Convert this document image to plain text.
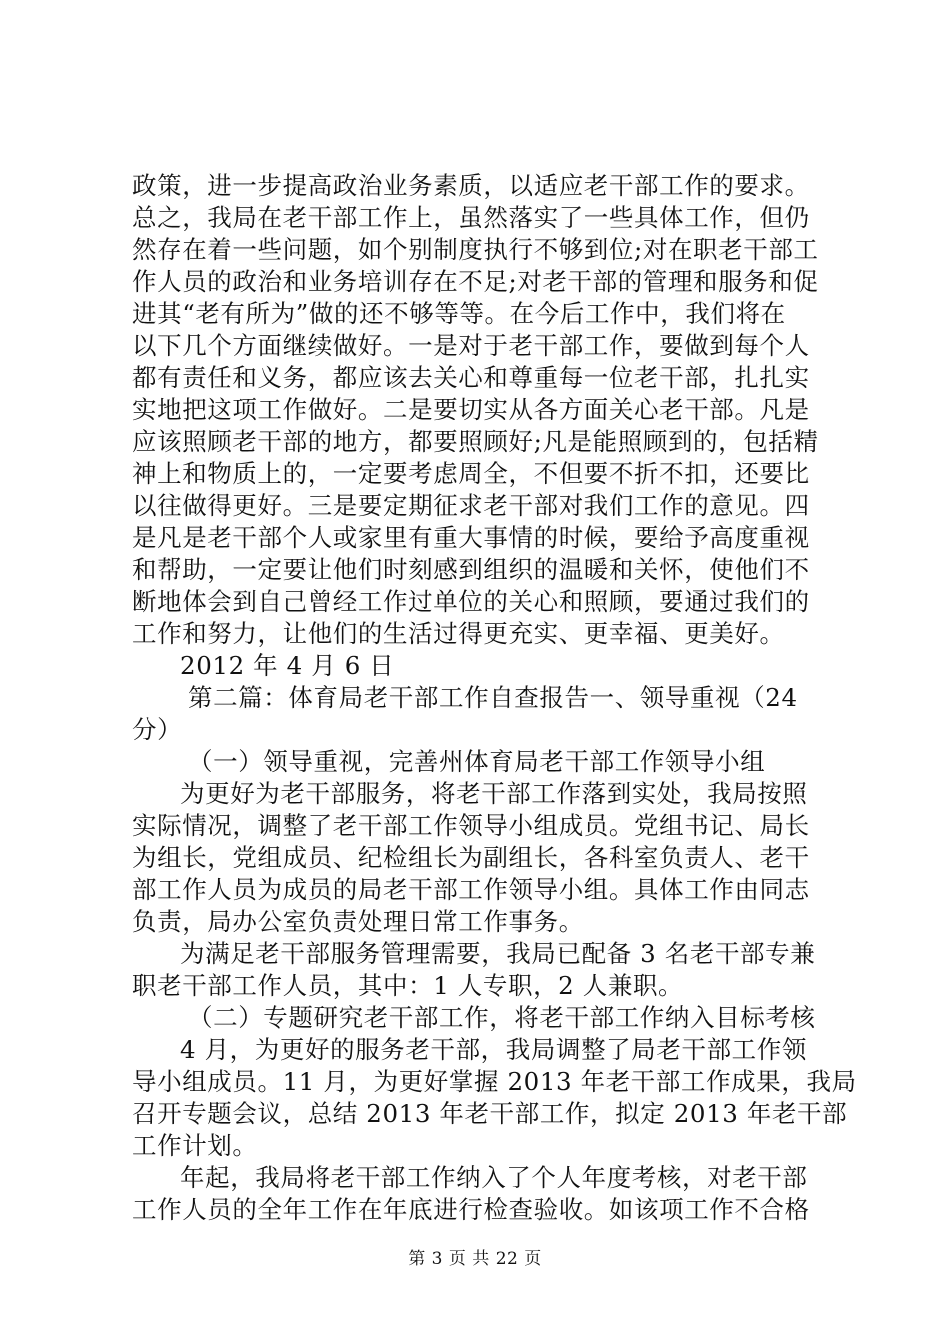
政策，进一步提高政治业务素质，以适应老干部工作的要求。
总之，我局在老干部工作上，虽然落实了一些具体工作，但仍
然存在着一些问题，如个别制度执行不够到位;对在职老干部工
作人员的政治和业务培训存在不足;对老干部的管理和服务和促
进其“老有所为”做的还不够等等。在今后工作中，我们将在
以下几个方面继续做好。一是对于老干部工作，要做到每个人
都有责任和义务，都应该去关心和尊重每一位老干部，扎扎实
实地把这项工作做好。二是要切实从各方面关心老干部。凡是
应该照顾老干部的地方，都要照顾好;凡是能照顾到的，包括精
神上和物质上的，一定要考虑周全，不但要不折不扣，还要比
以往做得更好。三是要定期征求老干部对我们工作的意见。四
是凡是老干部个人或家里有重大事情的时候，要给予高度重视
和帮助，一定要让他们时刻感到组织的温暖和关怀，使他们不
断地体会到自己曾经工作过单位的关心和照顾，要通过我们的
工作和努力，让他们的生活过得更充实、更幸福、更美好。
2012 年 4 月 6 日
第二篇：体育局老干部工作自查报告一、领导重视（24
分）
（一）领导重视，完善州体育局老干部工作领导小组
为更好为老干部服务，将老干部工作落到实处，我局按照
实际情况，调整了老干部工作领导小组成员。党组书记、局长
为组长，党组成员、纪检组长为副组长，各科室负责人、老干
部工作人员为成员的局老干部工作领导小组。具体工作由同志
负责，局办公室负责处理日常工作事务。
为满足老干部服务管理需要，我局已配备 3 名老干部专兼
职老干部工作人员，其中：1 人专职，2 人兼职。
（二）专题研究老干部工作，将老干部工作纳入目标考核
4 月，为更好的服务老干部，我局调整了局老干部工作领
导小组成员。11 月，为更好掌握 2013 年老干部工作成果，我局
召开专题会议，总结 2013 年老干部工作，拟定 2013 年老干部
工作计划。
年起，我局将老干部工作纳入了个人年度考核，对老干部
工作人员的全年工作在年底进行检查验收。如该项工作不合格
第 3 页 共 22 页
